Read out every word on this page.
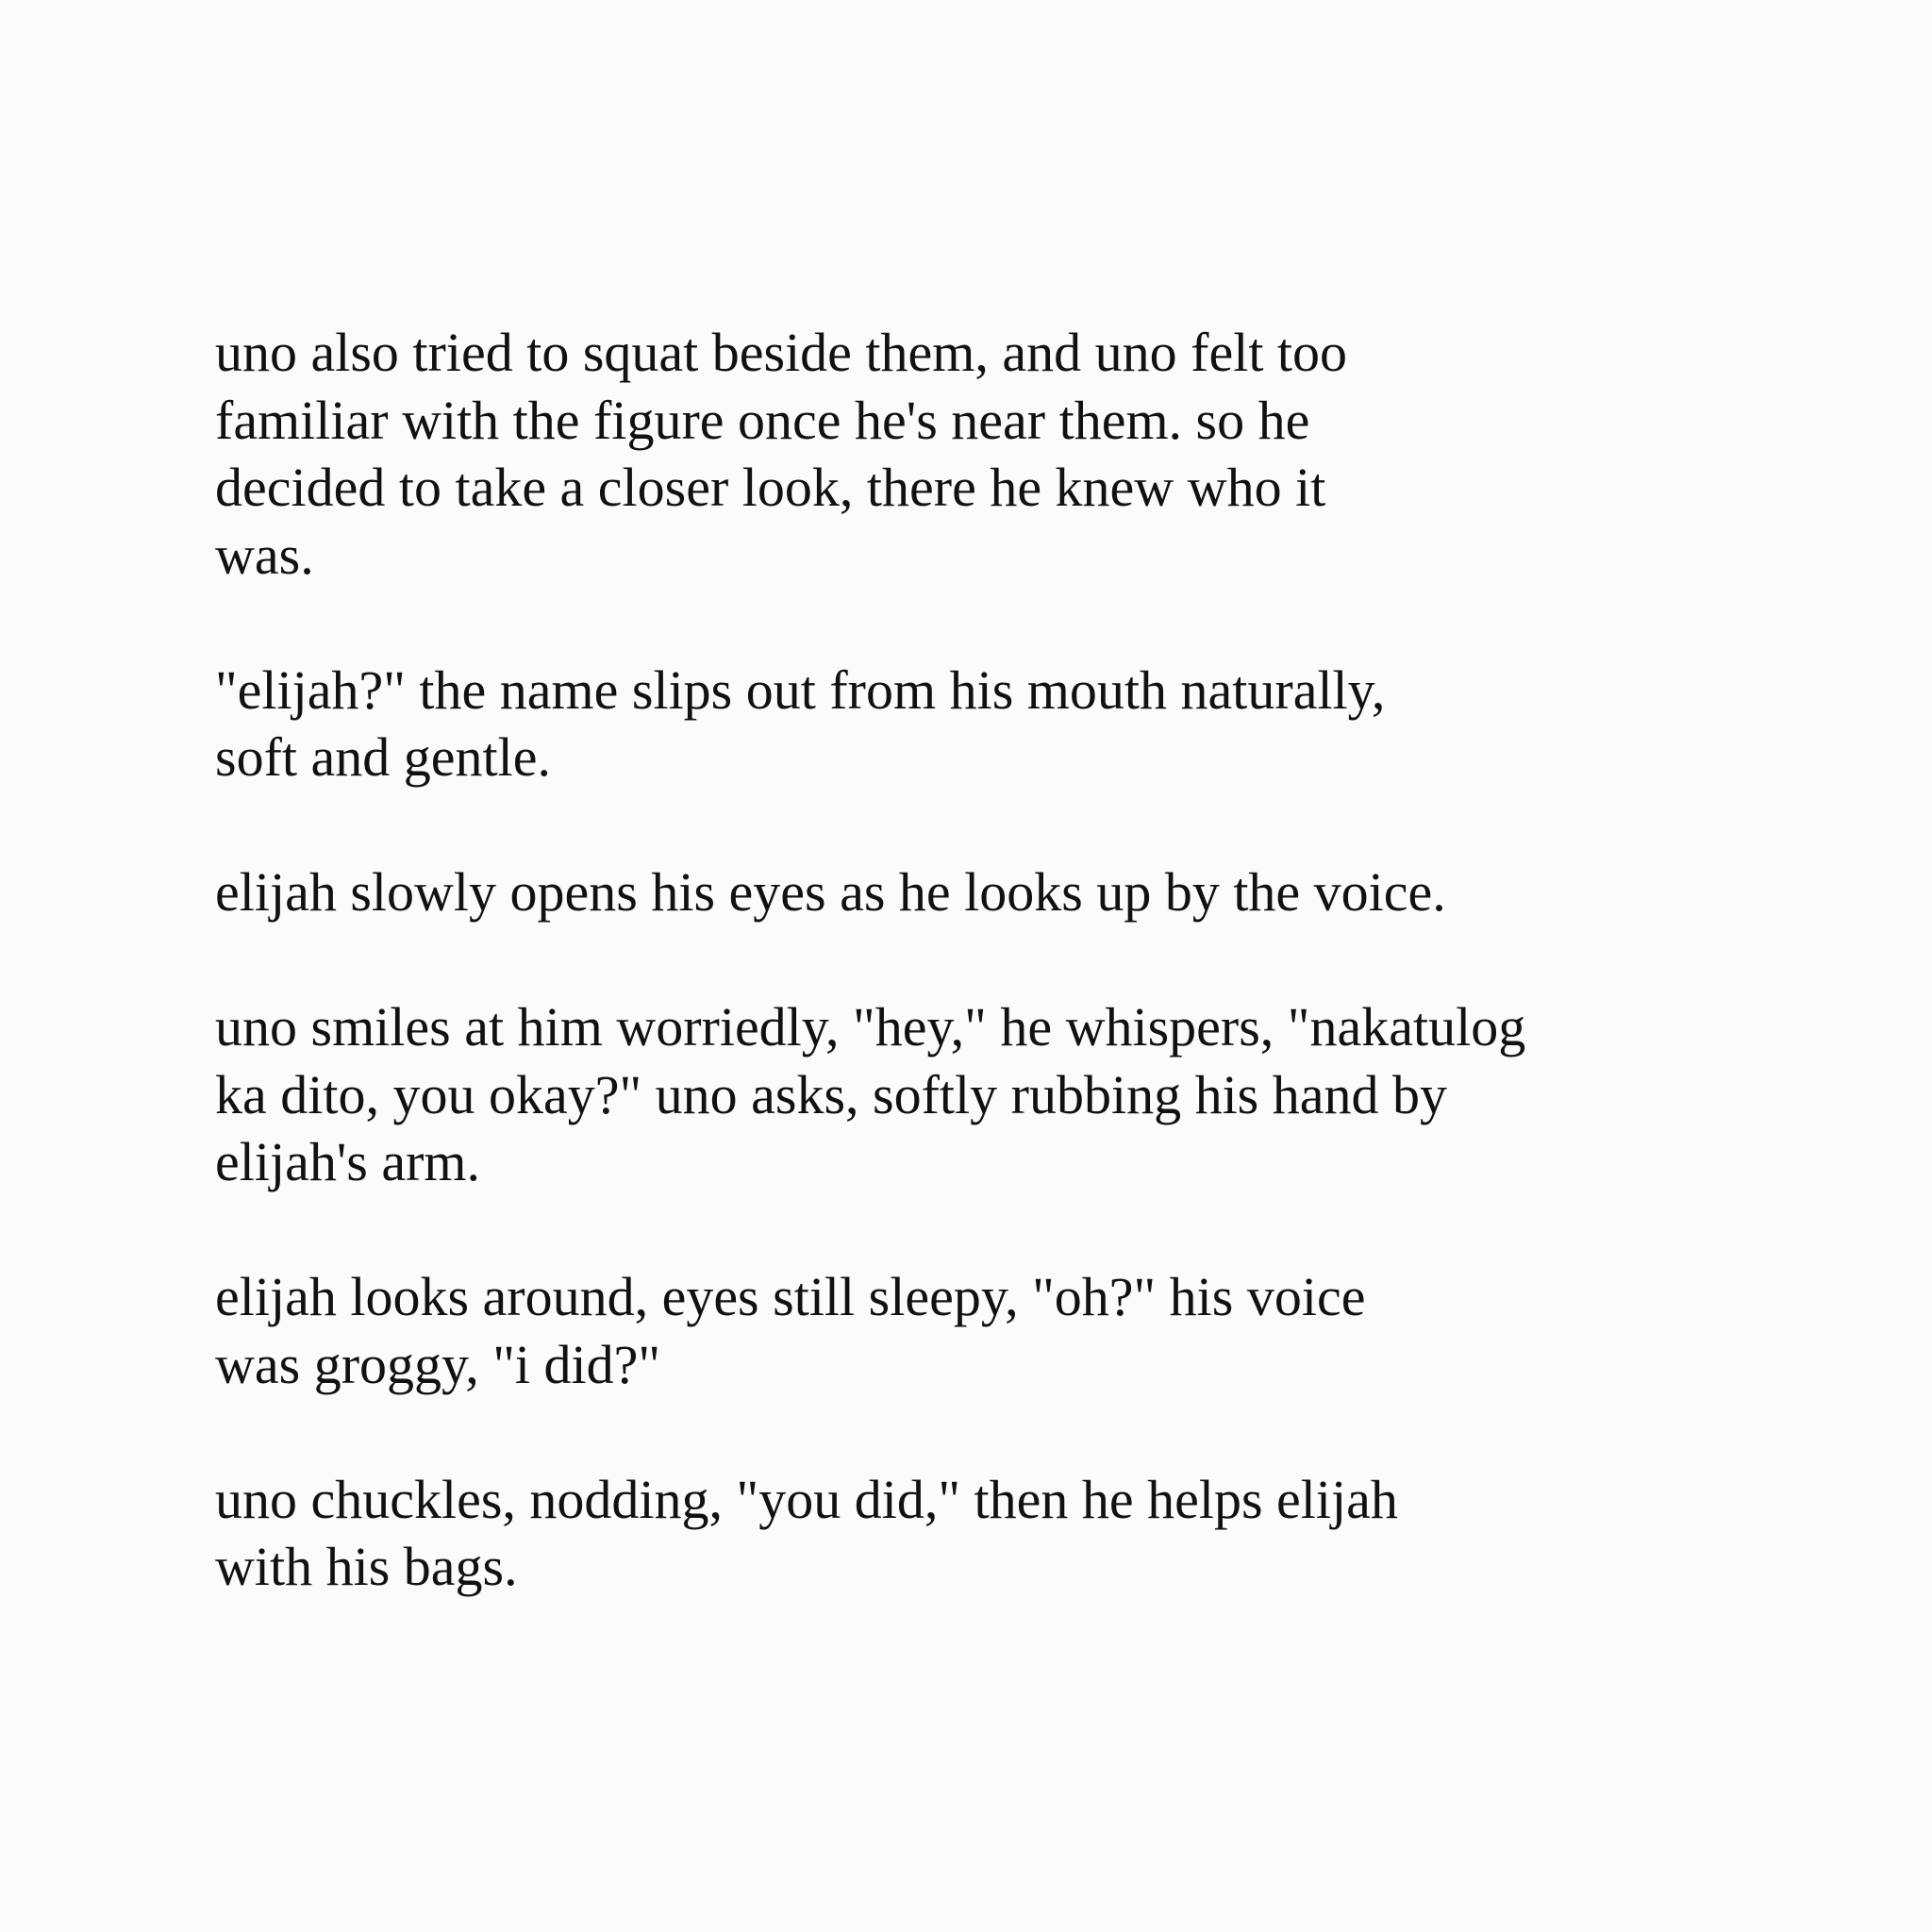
uno also tried to squat beside them, and uno felt too
familiar with the figure once he's near them. so he
decided to take a closer look, there he knew who it
was.

"elijah?" the name slips out from his mouth naturally,
soft and gentle.

elijah slowly opens his eyes as he looks up by the voice.

uno smiles at him worriedly, "hey," he whispers, "nakatulog
ka dito, you okay?" uno asks, softly rubbing his hand by
elijah's arm.

elijah looks around, eyes still sleepy, "oh?" his voice
was groggy, "i did?"

uno chuckles, nodding, "you did," then he helps elijah
with his bags.
